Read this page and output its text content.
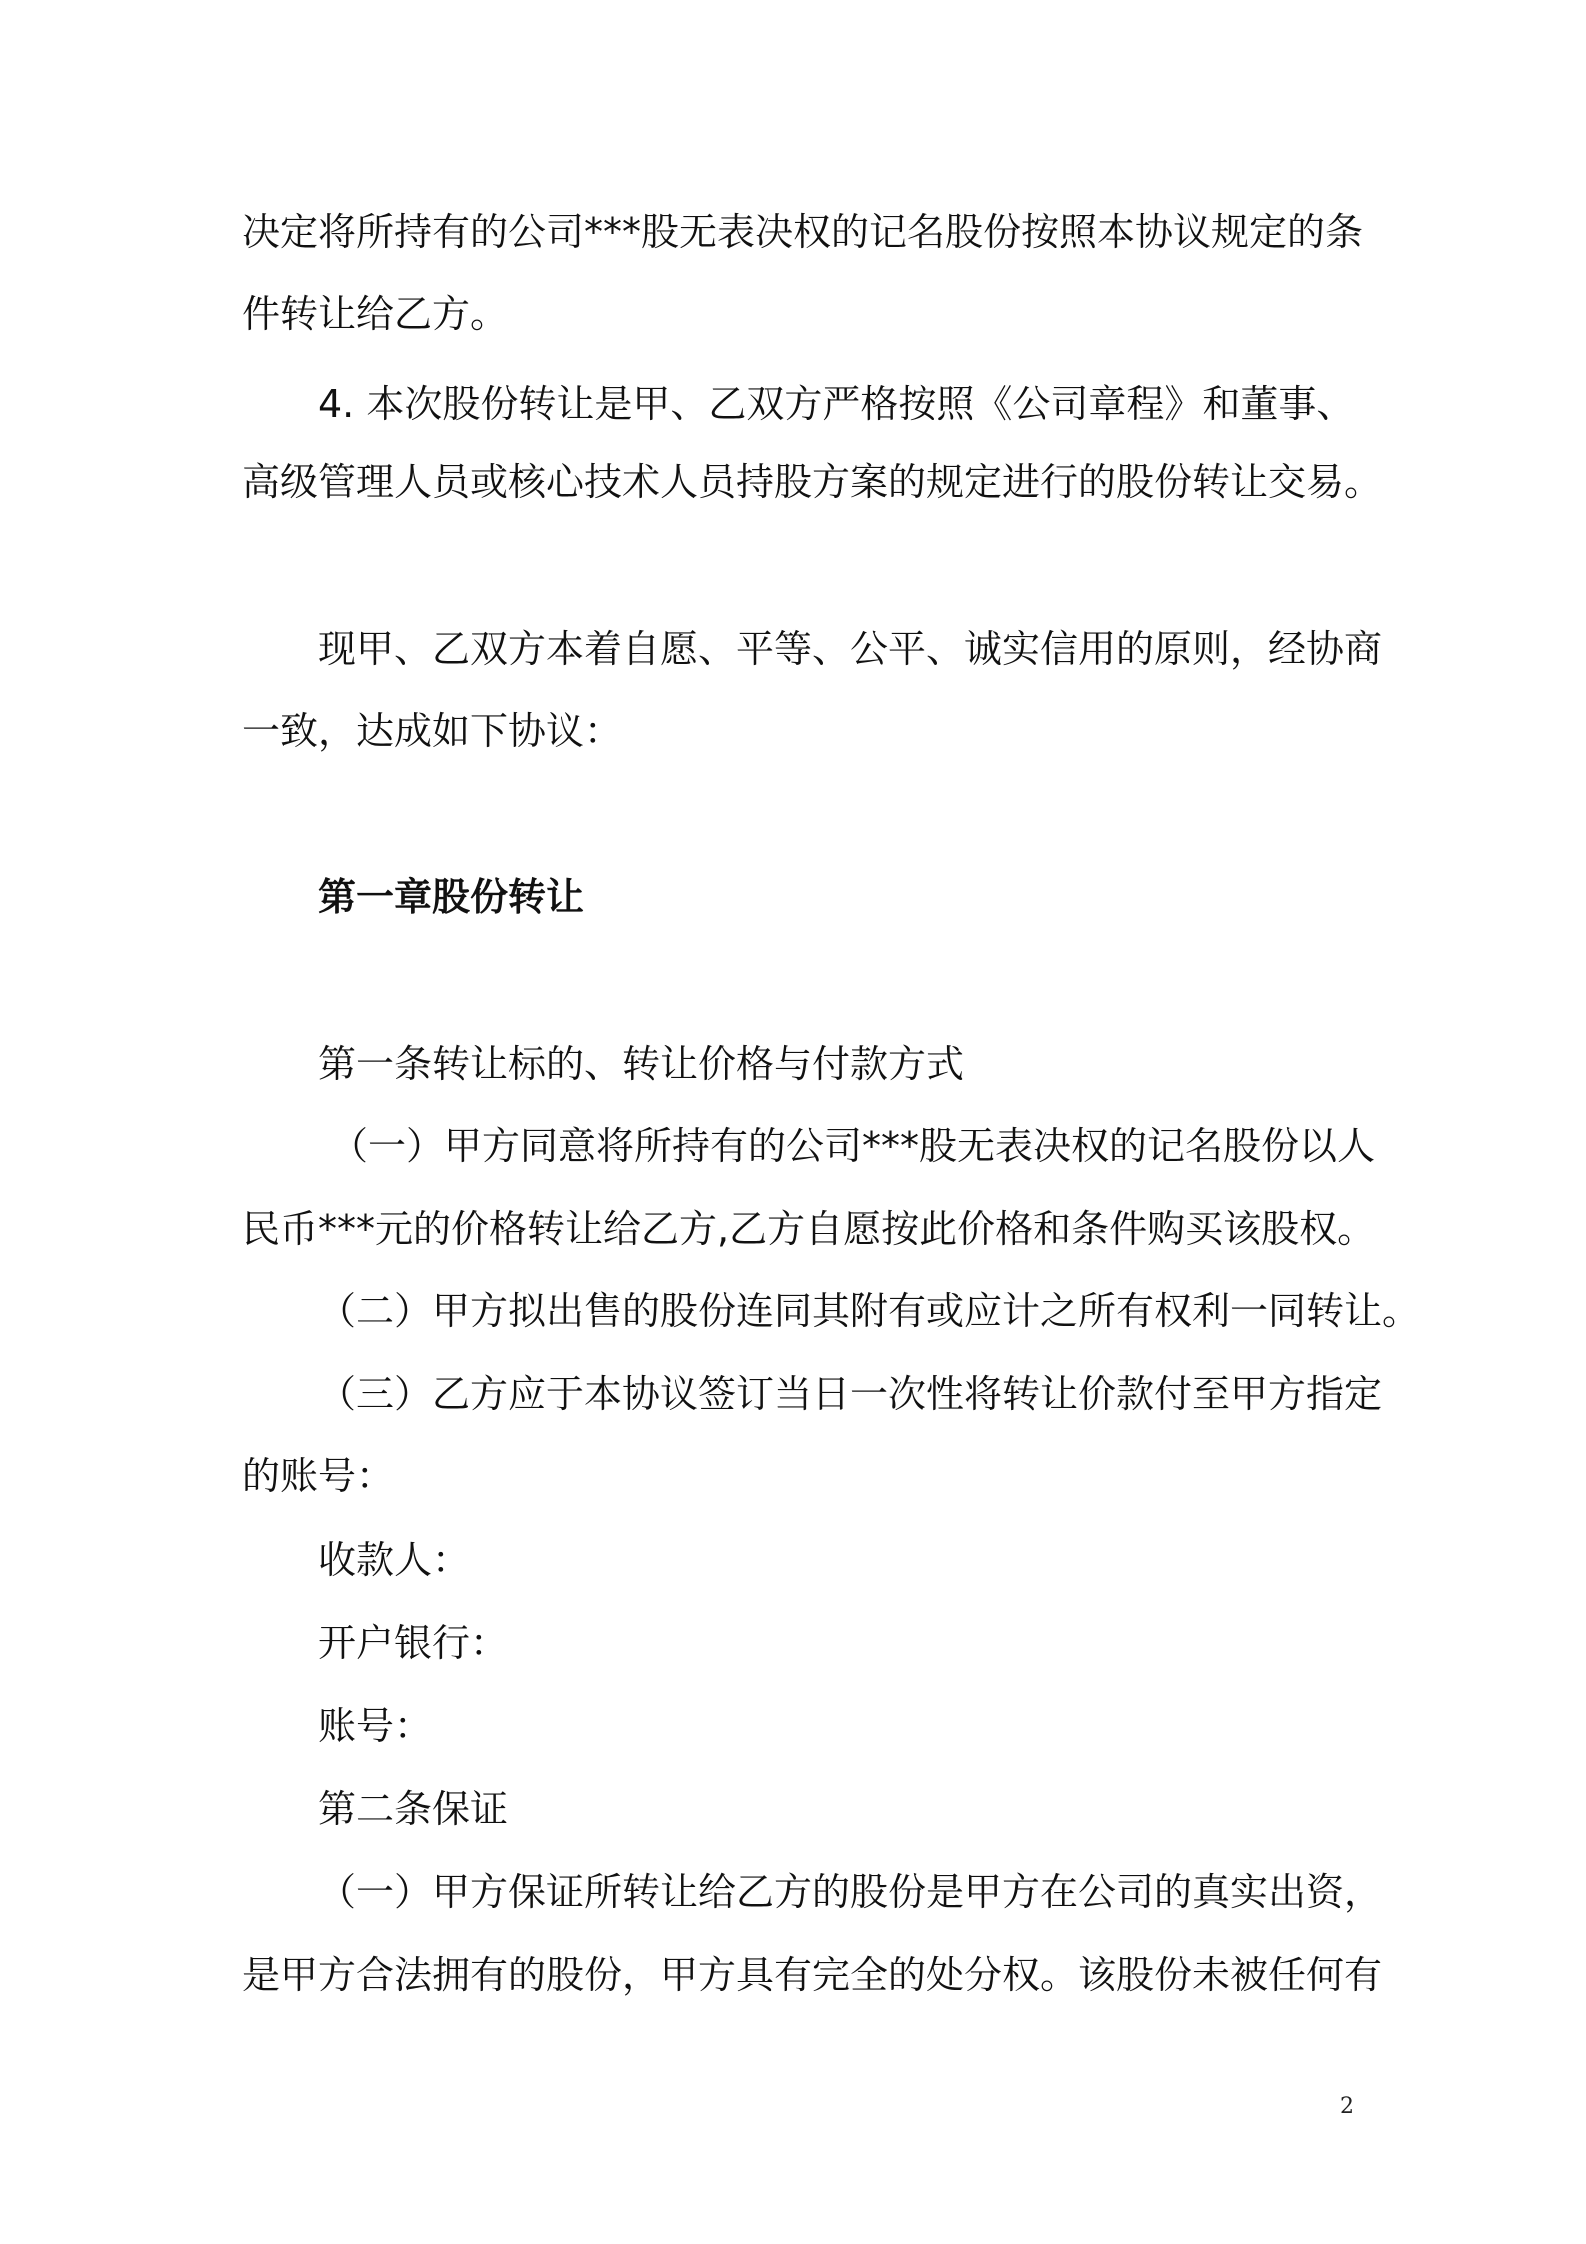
决定将所持有的公司***股无表决权的记名股份按照本协议规定的条
件转让给乙方。
4. 本次股份转让是甲、乙双方严格按照《公司章程》和董事、
高级管理人员或核心技术人员持股方案的规定进行的股份转让交易。
现甲、乙双方本着自愿、平等、公平、诚实信用的原则，经协商
一致，达成如下协议：
第一章股份转让
第一条转让标的、转让价格与付款方式
（一）甲方同意将所持有的公司***股无表决权的记名股份以人
民币***元的价格转让给乙方,乙方自愿按此价格和条件购买该股权。
（二）甲方拟出售的股份连同其附有或应计之所有权利一同转让。
（三）乙方应于本协议签订当日一次性将转让价款付至甲方指定
的账号：
收款人：
开户银行：
账号：
第二条保证
（一）甲方保证所转让给乙方的股份是甲方在公司的真实出资，
是甲方合法拥有的股份，甲方具有完全的处分权。该股份未被任何有
2
